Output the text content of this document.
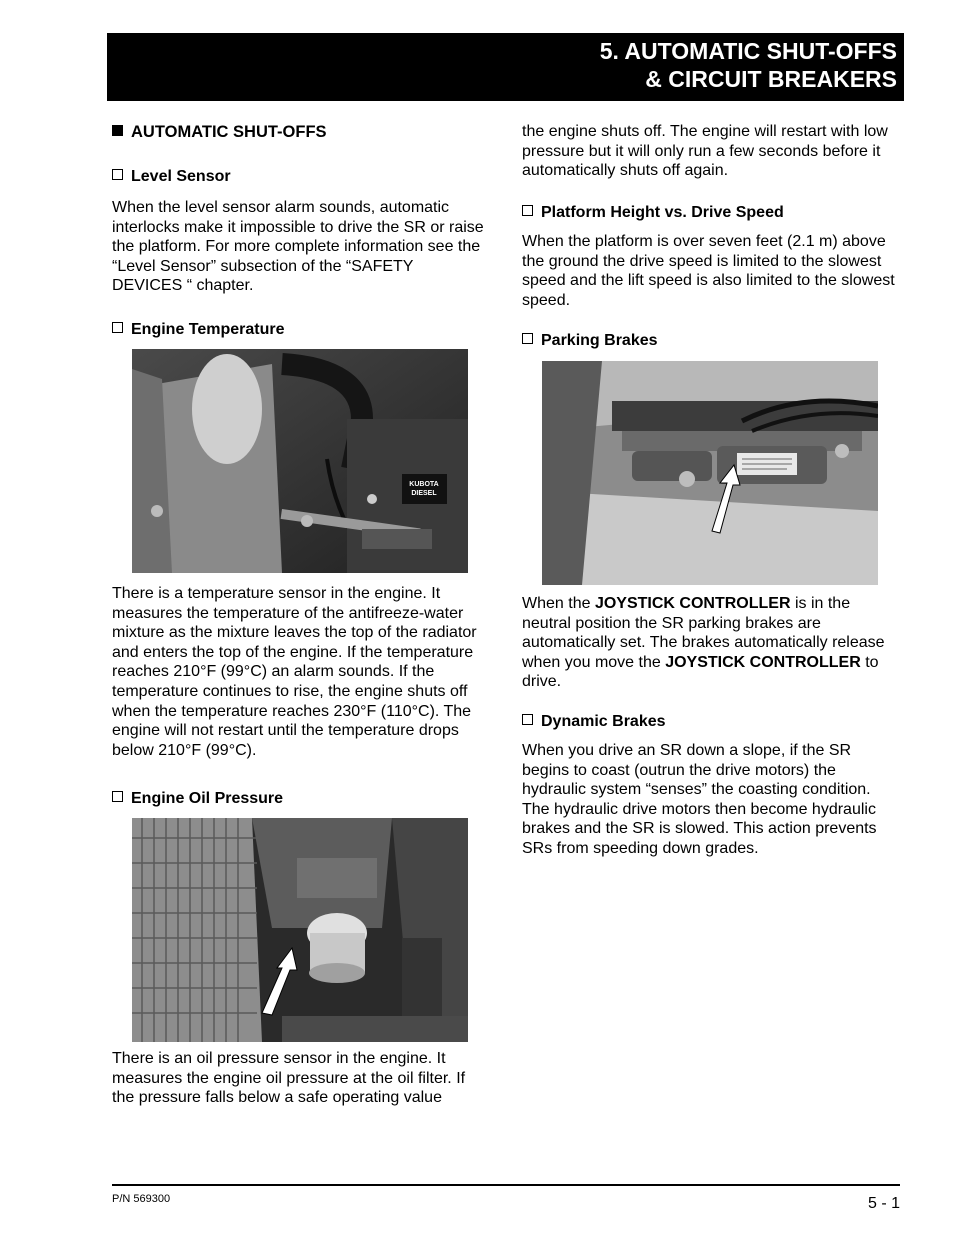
5. AUTOMATIC SHUT-OFFS
& CIRCUIT BREAKERS
AUTOMATIC SHUT-OFFS
Level Sensor
When the level sensor alarm sounds, automatic interlocks make it impossible to drive the SR or raise the platform. For more complete information see the “Level Sensor” subsection of the “SAFETY DEVICES “ chapter.
Engine Temperature
KUBOTA
DIESEL
There is a temperature sensor in the engine. It measures the temperature of the antifreeze-water mixture as the mixture leaves the top of the radiator and enters the top of the engine. If the temperature reaches 210°F (99°C) an alarm sounds. If the temperature continues to rise, the engine shuts off when the temperature reaches 230°F (110°C). The engine will not restart until the temperature drops below 210°F (99°C).
Engine Oil Pressure
There is an oil pressure sensor in the engine. It measures the engine oil pressure at the oil filter. If the pressure falls below a safe operating value
the engine shuts off. The engine will restart with low pressure but it will only run a few seconds before it automatically shuts off again.
Platform Height vs. Drive Speed
When the platform is over seven feet (2.1 m) above the ground the drive speed is limited to the slowest speed and the lift speed is also limited to the slowest speed.
Parking Brakes
When the JOYSTICK CONTROLLER is in the neutral position the SR parking brakes are automatically set. The brakes automatically release when you move the JOYSTICK CONTROLLER to drive.
Dynamic Brakes
When you drive an SR down a slope, if the SR begins to coast (outrun the drive motors) the hydraulic system “senses” the coasting condition. The hydraulic drive motors then become hydraulic brakes and the SR is slowed. This action prevents SRs from speeding down grades.
P/N 569300	5 - 1
